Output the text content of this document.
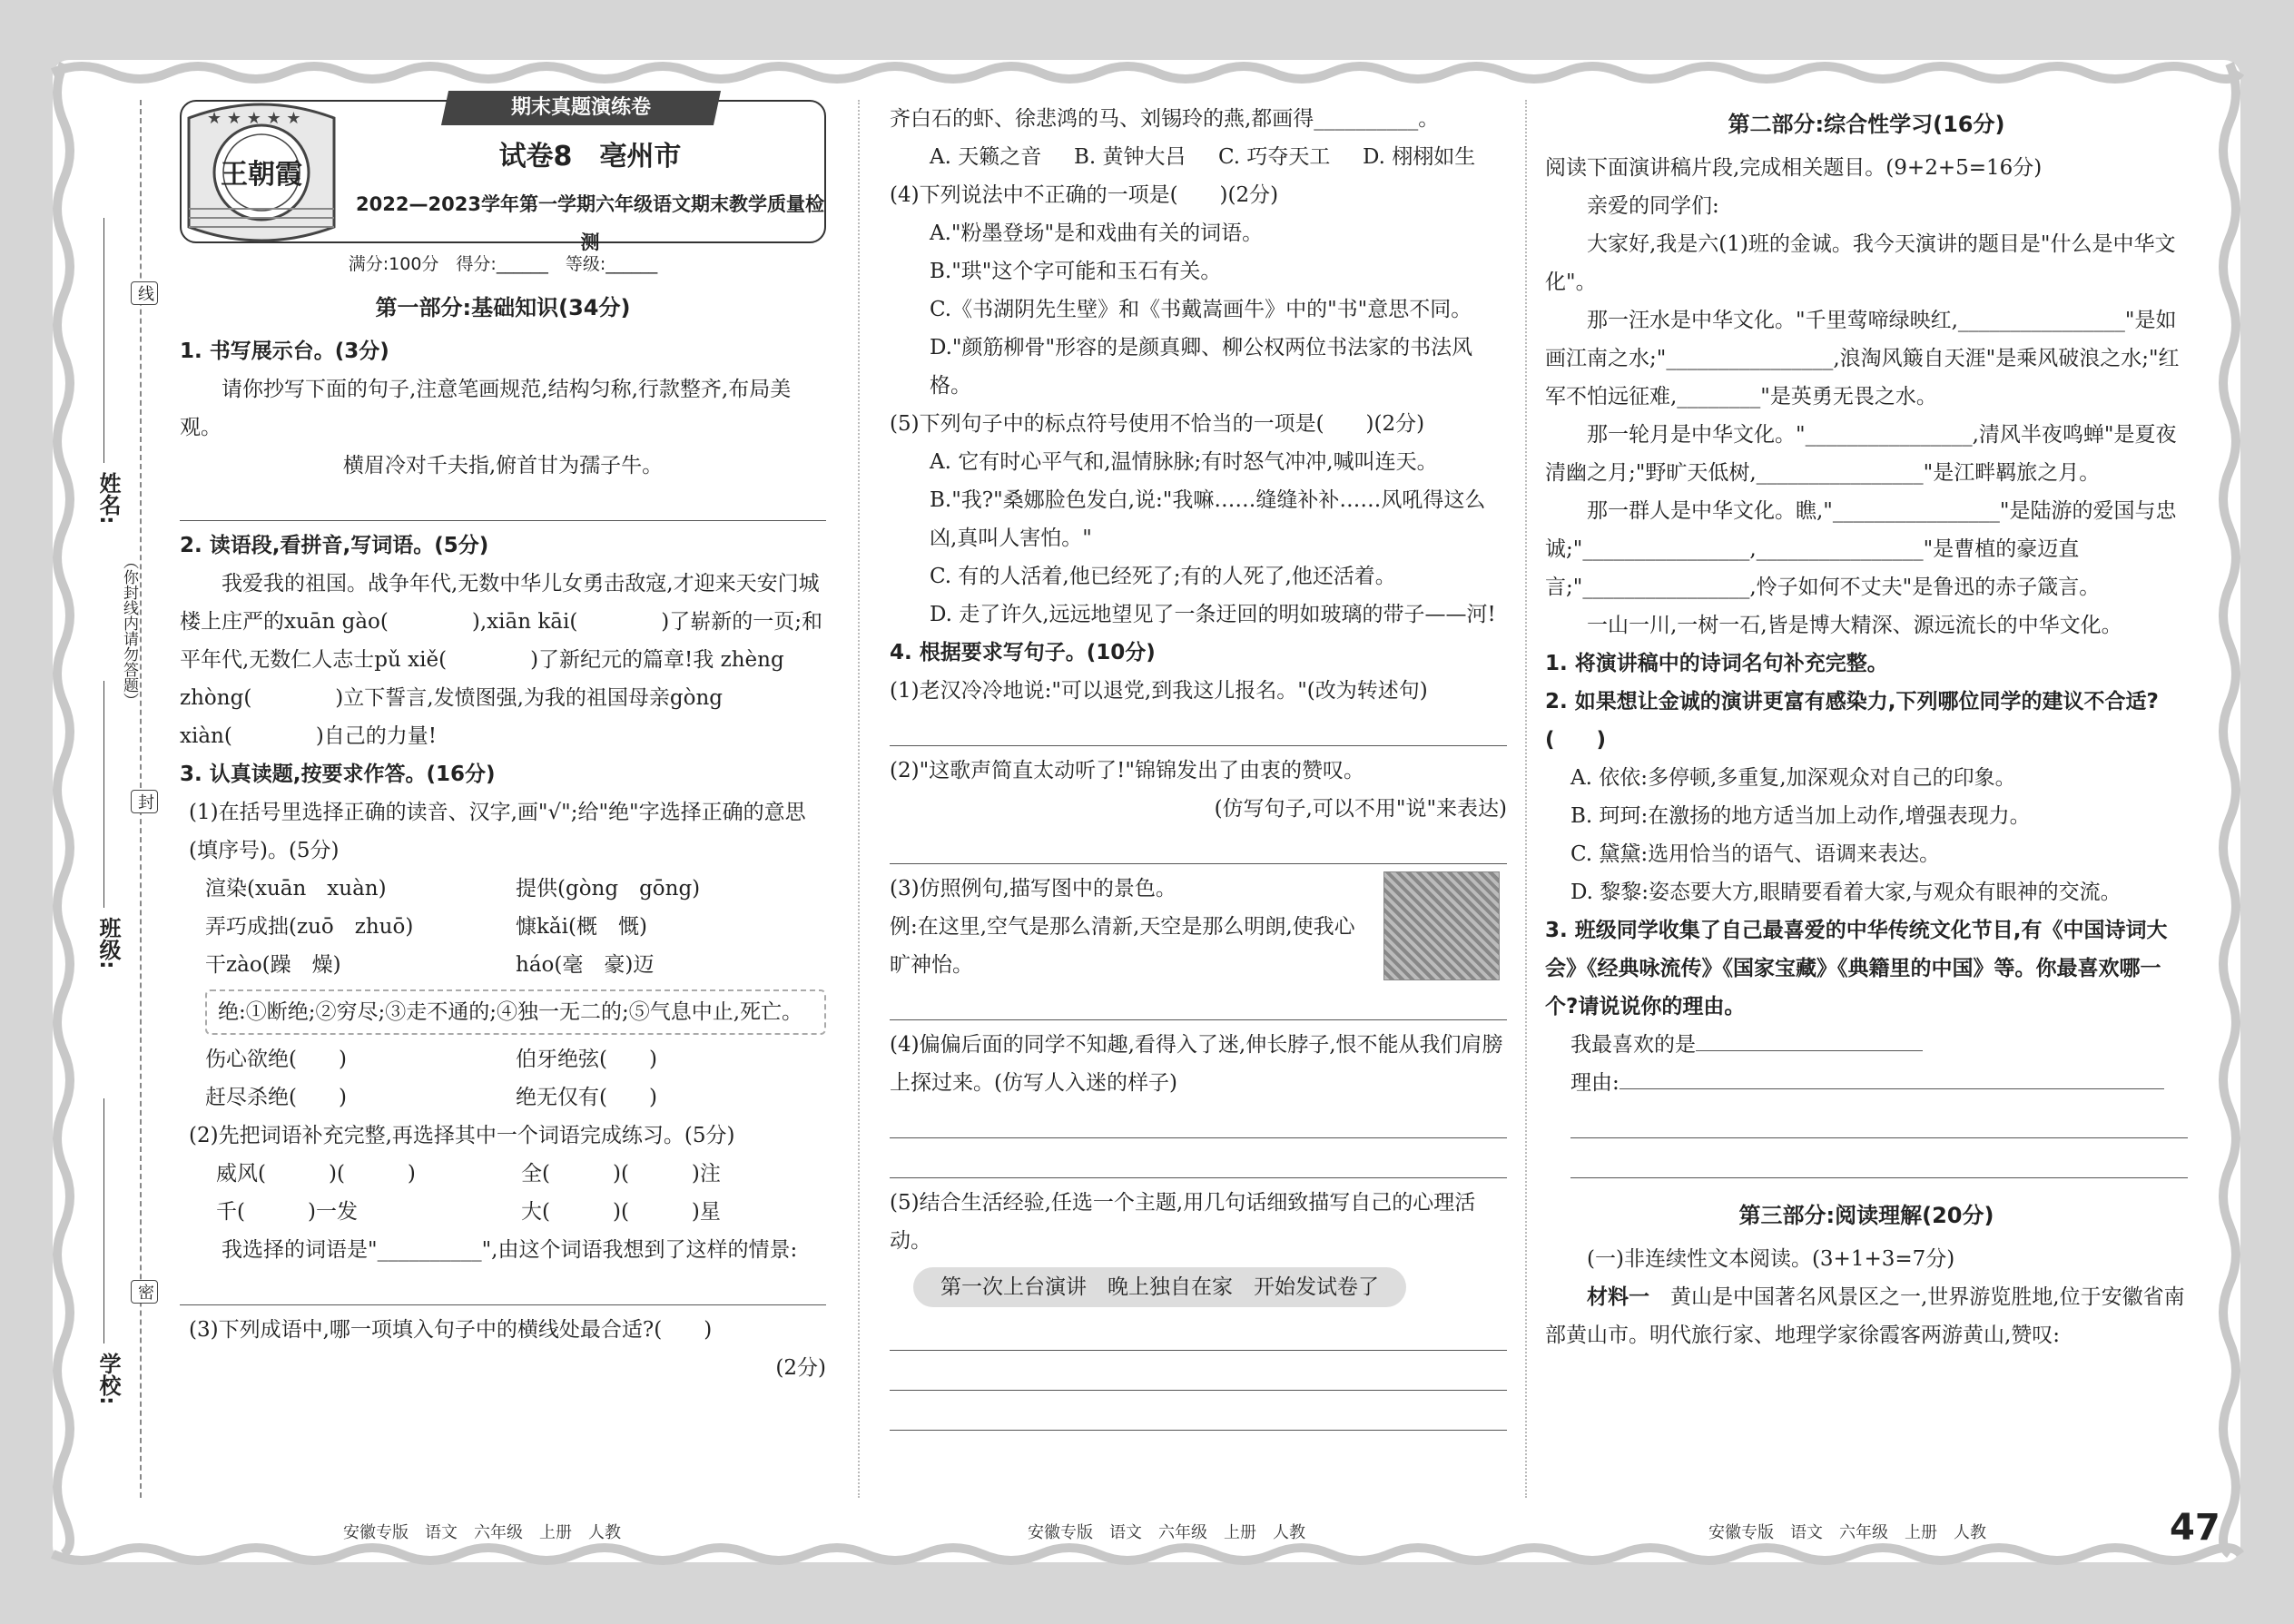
线
姓名:
（你封线内请勿答题）
封
班级:
密
学校:
★ ★ ★ ★ ★
王朝霞
期末真题演练卷
试卷8　亳州市
2022—2023学年第一学期六年级语文期末教学质量检测
满分:100分　得分:______　等级:______
第一部分:基础知识(34分)

1. 书写展示台。(3分)

请你抄写下面的句子,注意笔画规范,结构匀称,行款整齐,布局美观。

横眉冷对千夫指,俯首甘为孺子牛。

2. 读语段,看拼音,写词语。(5分)

我爱我的祖国。战争年代,无数中华儿女勇击敌寇,才迎来天安门城楼上庄严的xuān gào(　　　　),xiān kāi(　　　　)了崭新的一页;和平年代,无数仁人志士pǔ xiě(　　　　)了新纪元的篇章!我 zhèng zhòng(　　　　)立下誓言,发愤图强,为我的祖国母亲gòng xiàn(　　　　)自己的力量!

3. 认真读题,按要求作答。(16分)

(1)在括号里选择正确的读音、汉字,画"√";给"绝"字选择正确的意思(填序号)。(5分)

渲染(xuān　xuàn)	提供(gòng　gōng)
弄巧成拙(zuō　zhuō)	慷kǎi(概　慨)
干zào(躁　燥)	háo(毫　豪)迈
绝:①断绝;②穷尽;③走不通的;④独一无二的;⑤气息中止,死亡。
伤心欲绝(　　)	伯牙绝弦(　　)
赶尽杀绝(　　)	绝无仅有(　　)

(2)先把词语补充完整,再选择其中一个词语完成练习。(5分)

威风(　　　)(　　　)	全(　　　)(　　　)注
千(　　　)一发	大(　　　)(　　　)星

我选择的词语是"__________",由这个词语我想到了这样的情景:

(3)下列成语中,哪一项填入句子中的横线处最合适?(　　)

(2分)

齐白石的虾、徐悲鸿的马、刘锡玲的燕,都画得__________。

A. 天籁之音	B. 黄钟大吕	C. 巧夺天工	D. 栩栩如生

(4)下列说法中不正确的一项是(　　)(2分)

A."粉墨登场"是和戏曲有关的词语。

B."珙"这个字可能和玉石有关。

C.《书湖阴先生壁》和《书戴嵩画牛》中的"书"意思不同。

D."颜筋柳骨"形容的是颜真卿、柳公权两位书法家的书法风格。

(5)下列句子中的标点符号使用不恰当的一项是(　　)(2分)

A. 它有时心平气和,温情脉脉;有时怒气冲冲,喊叫连天。

B."我?"桑娜脸色发白,说:"我嘛……缝缝补补……风吼得这么凶,真叫人害怕。"

C. 有的人活着,他已经死了;有的人死了,他还活着。

D. 走了许久,远远地望见了一条迂回的明如玻璃的带子——河!

4. 根据要求写句子。(10分)

(1)老汉冷冷地说:"可以退党,到我这儿报名。"(改为转述句)

(2)"这歌声简直太动听了!"锦锦发出了由衷的赞叹。

(仿写句子,可以不用"说"来表达)

(3)仿照例句,描写图中的景色。

例:在这里,空气是那么清新,天空是那么明朗,使我心旷神怡。

(4)偏偏后面的同学不知趣,看得入了迷,伸长脖子,恨不能从我们肩膀上探过来。(仿写人入迷的样子)

(5)结合生活经验,任选一个主题,用几句话细致描写自己的心理活动。

第一次上台演讲　晚上独自在家　开始发试卷了
第二部分:综合性学习(16分)

阅读下面演讲稿片段,完成相关题目。(9+2+5=16分)

亲爱的同学们:

大家好,我是六(1)班的金诚。我今天演讲的题目是"什么是中华文化"。

那一汪水是中华文化。"千里莺啼绿映红,________________"是如画江南之水;"________________,浪淘风簸自天涯"是乘风破浪之水;"红军不怕远征难,________"是英勇无畏之水。

那一轮月是中华文化。"________________,清风半夜鸣蝉"是夏夜清幽之月;"野旷天低树,________________"是江畔羁旅之月。

那一群人是中华文化。瞧,"________________"是陆游的爱国与忠诚;"________________,________________"是曹植的豪迈直言;"________________,怜子如何不丈夫"是鲁迅的赤子箴言。

一山一川,一树一石,皆是博大精深、源远流长的中华文化。

1. 将演讲稿中的诗词名句补充完整。

2. 如果想让金诚的演讲更富有感染力,下列哪位同学的建议不合适?(　　)

A. 依依:多停顿,多重复,加深观众对自己的印象。

B. 珂珂:在激扬的地方适当加上动作,增强表现力。

C. 黛黛:选用恰当的语气、语调来表达。

D. 黎黎:姿态要大方,眼睛要看着大家,与观众有眼神的交流。

3. 班级同学收集了自己最喜爱的中华传统文化节目,有《中国诗词大会》《经典咏流传》《国家宝藏》《典籍里的中国》等。你最喜欢哪一个?请说说你的理由。

我最喜欢的是

理由:

第三部分:阅读理解(20分)

(一)非连续性文本阅读。(3+1+3=7分)

材料一　 黄山是中国著名风景区之一,世界游览胜地,位于安徽省南部黄山市。明代旅行家、地理学家徐霞客两游黄山,赞叹:

安徽专版　语文　六年级　上册　人教	安徽专版　语文　六年级　上册　人教	安徽专版　语文　六年级　上册　人教	47
